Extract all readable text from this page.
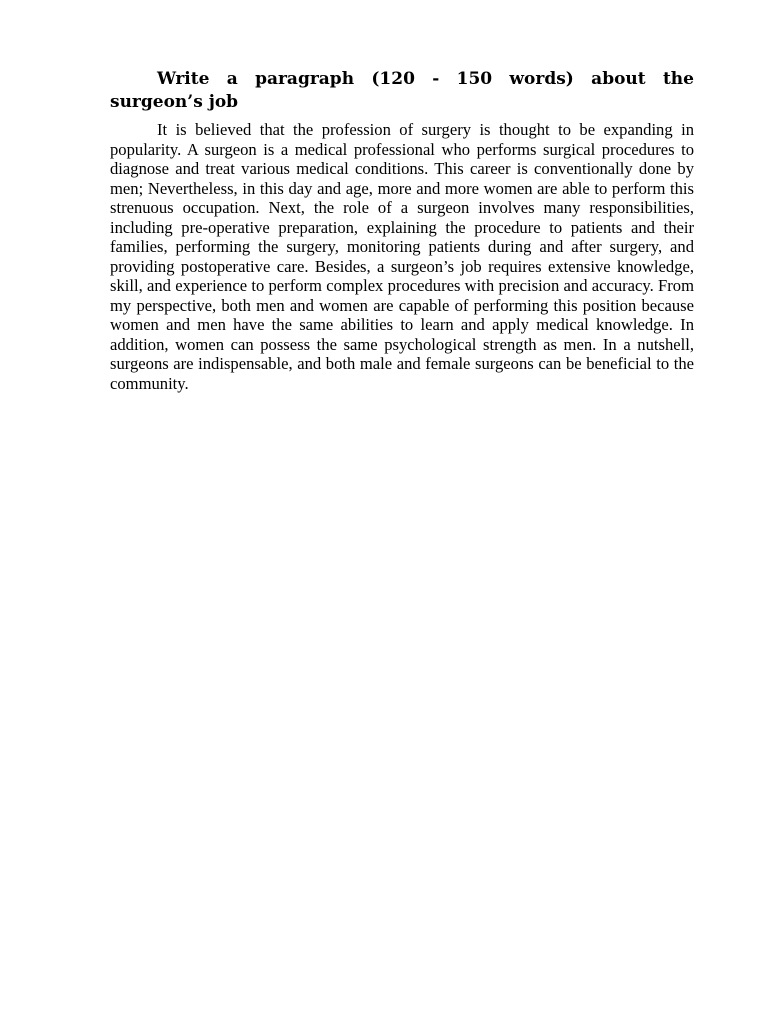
Write a paragraph (120 - 150 words) about the surgeon’s job

It is believed that the profession of surgery is thought to be expanding in popularity. A surgeon is a medical professional who performs surgical procedures to diagnose and treat various medical conditions. This career is conventionally done by men; Nevertheless, in this day and age, more and more women are able to perform this strenuous occupation. Next, the role of a surgeon involves many responsibilities, including pre-operative preparation, explaining the procedure to patients and their families, performing the surgery, monitoring patients during and after surgery, and providing postoperative care. Besides, a surgeon’s job requires extensive knowledge, skill, and experience to perform complex procedures with precision and accuracy. From my perspective, both men and women are capable of performing this position because women and men have the same abilities to learn and apply medical knowledge. In addition, women can possess the same psychological strength as men. In a nutshell, surgeons are indispensable, and both male and female surgeons can be beneficial to the community.
